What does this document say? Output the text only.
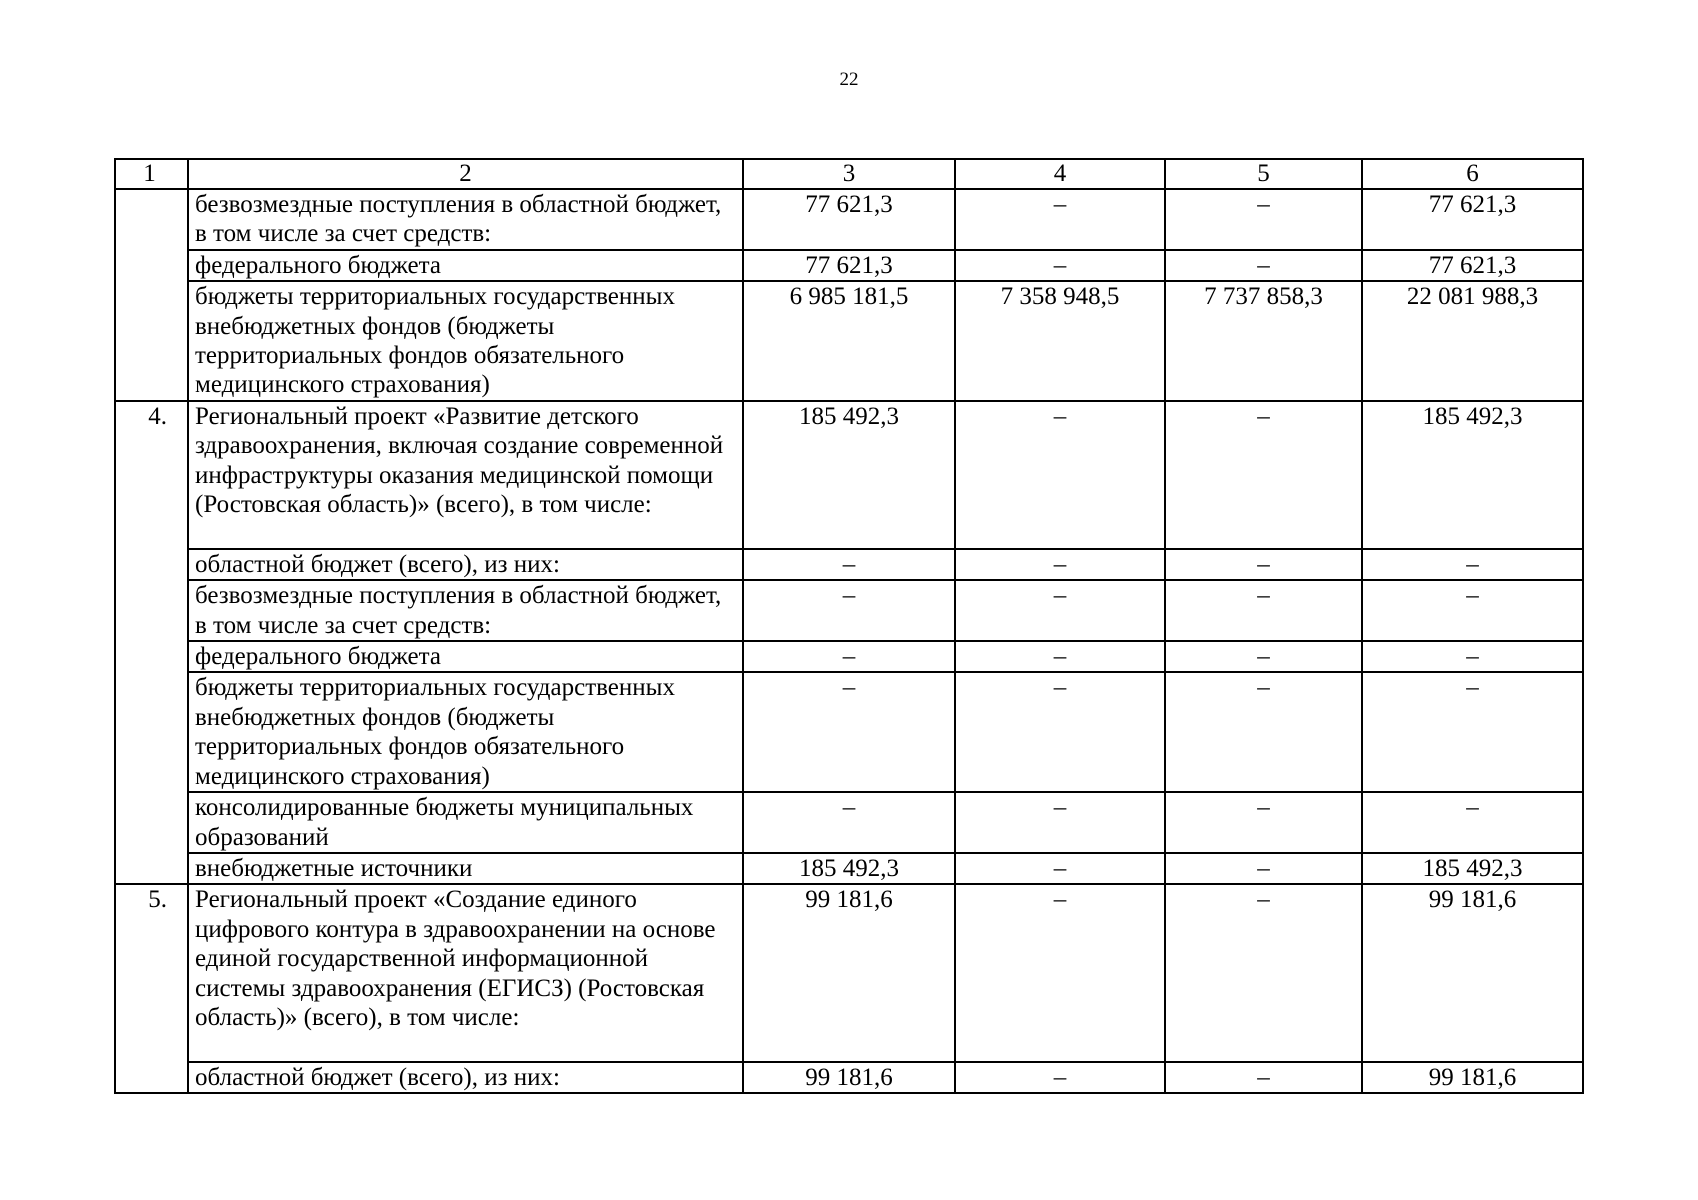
22
1	2	3	4	5	6
	безвозмездные поступления в областной бюджет, в том числе за счет средств:	77 621,3	–	–	77 621,3
	федерального бюджета	77 621,3	–	–	77 621,3
	бюджеты территориальных государственных внебюджетных фондов (бюджеты территориальных фондов обязательного медицинского страхования)	6 985 181,5	7 358 948,5	7 737 858,3	22 081 988,3
4.	Региональный проект «Развитие детского здравоохранения, включая создание современной инфраструктуры оказания медицинской помощи (Ростовская область)» (всего), в том числе:	185 492,3	–	–	185 492,3
	областной бюджет (всего), из них:	–	–	–	–
	безвозмездные поступления в областной бюджет, в том числе за счет средств:	–	–	–	–
	федерального бюджета	–	–	–	–
	бюджеты территориальных государственных внебюджетных фондов (бюджеты территориальных фондов обязательного медицинского страхования)	–	–	–	–
	консолидированные бюджеты муниципальных образований	–	–	–	–
	внебюджетные источники	185 492,3	–	–	185 492,3
5.	Региональный проект «Создание единого цифрового контура в здравоохранении на основе единой государственной информационной системы здравоохранения (ЕГИСЗ) (Ростовская область)» (всего), в том числе:	99 181,6	–	–	99 181,6
	областной бюджет (всего), из них:	99 181,6	–	–	99 181,6
